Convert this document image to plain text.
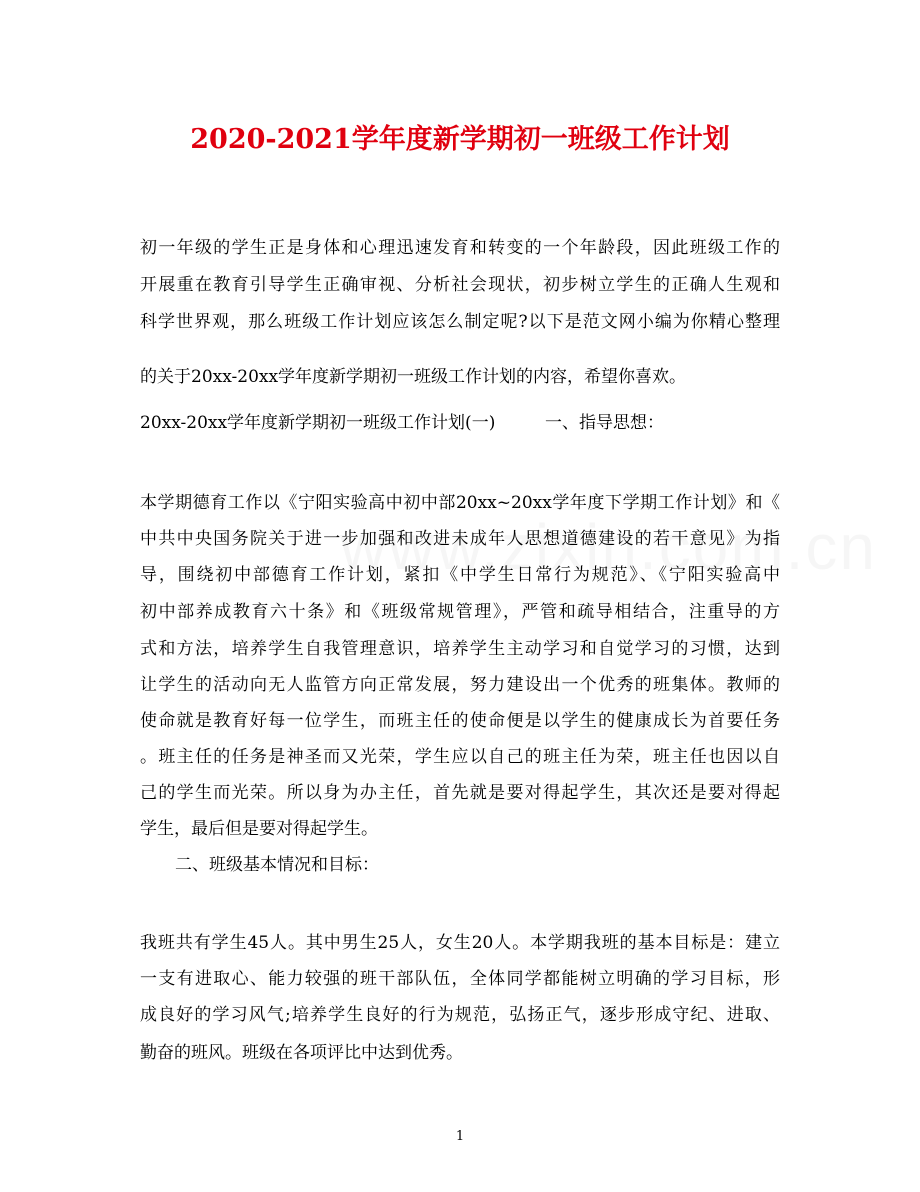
2020-2021学年度新学期初一班级工作计划

初一年级的学生正是身体和心理迅速发育和转变的一个年龄段，因此班级工作的

开展重在教育引导学生正确审视、分析社会现状，初步树立学生的正确人生观和

科学世界观，那么班级工作计划应该怎么制定呢?以下是范文网小编为你精心整理

的关于20xx-20xx学年度新学期初一班级工作计划的内容，希望你喜欢。

20xx-20xx学年度新学期初一班级工作计划(一)	一、指导思想：

本学期德育工作以《宁阳实验高中初中部20xx~20xx学年度下学期工作计划》和《

中共中央国务院关于进一步加强和改进未成年人思想道德建设的若干意见》为指

导，围绕初中部德育工作计划，紧扣《中学生日常行为规范》、《宁阳实验高中

初中部养成教育六十条》和《班级常规管理》，严管和疏导相结合，注重导的方

式和方法，培养学生自我管理意识，培养学生主动学习和自觉学习的习惯，达到

让学生的活动向无人监管方向正常发展，努力建设出一个优秀的班集体。教师的

使命就是教育好每一位学生，而班主任的使命便是以学生的健康成长为首要任务

。班主任的任务是神圣而又光荣，学生应以自己的班主任为荣，班主任也因以自

己的学生而光荣。所以身为办主任，首先就是要对得起学生，其次还是要对得起

学生，最后但是要对得起学生。

二、班级基本情况和目标：

我班共有学生45人。其中男生25人，女生20人。本学期我班的基本目标是：建立

一支有进取心、能力较强的班干部队伍，全体同学都能树立明确的学习目标，形

成良好的学习风气;培养学生良好的行为规范，弘扬正气，逐步形成守纪、进取、

勤奋的班风。班级在各项评比中达到优秀。

1
